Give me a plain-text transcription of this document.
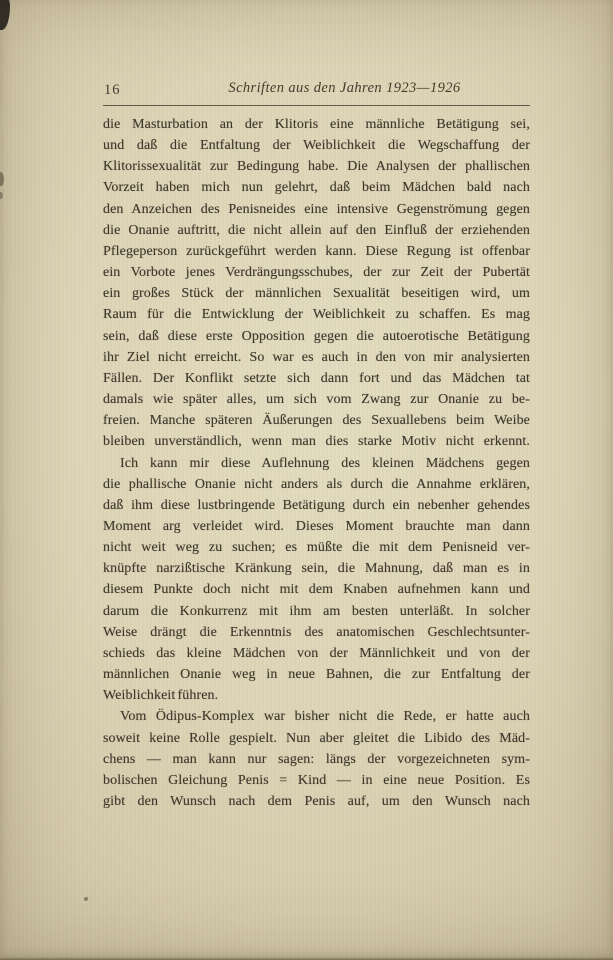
16	Schriften aus den Jahren 1923—1926
die Masturbation an der Klitoris eine männliche Betätigung sei,
und daß die Entfaltung der Weiblichkeit die Wegschaffung der
Klitorissexualität zur Bedingung habe. Die Analysen der phallischen
Vorzeit haben mich nun gelehrt, daß beim Mädchen bald nach
den Anzeichen des Penisneides eine intensive Gegenströmung gegen
die Onanie auftritt, die nicht allein auf den Einfluß der erziehenden
Pflegeperson zurückgeführt werden kann. Diese Regung ist offenbar
ein Vorbote jenes Verdrängungsschubes, der zur Zeit der Pubertät
ein großes Stück der männlichen Sexualität beseitigen wird, um
Raum für die Entwicklung der Weiblichkeit zu schaffen. Es mag
sein, daß diese erste Opposition gegen die autoerotische Betätigung
ihr Ziel nicht erreicht. So war es auch in den von mir analysierten
Fällen. Der Konflikt setzte sich dann fort und das Mädchen tat
damals wie später alles, um sich vom Zwang zur Onanie zu be-
freien. Manche späteren Äußerungen des Sexuallebens beim Weibe
bleiben unverständlich, wenn man dies starke Motiv nicht erkennt.
Ich kann mir diese Auflehnung des kleinen Mädchens gegen
die phallische Onanie nicht anders als durch die Annahme erklären,
daß ihm diese lustbringende Betätigung durch ein nebenher gehendes
Moment arg verleidet wird. Dieses Moment brauchte man dann
nicht weit weg zu suchen; es müßte die mit dem Penisneid ver-
knüpfte narzißtische Kränkung sein, die Mahnung, daß man es in
diesem Punkte doch nicht mit dem Knaben aufnehmen kann und
darum die Konkurrenz mit ihm am besten unterläßt. In solcher
Weise drängt die Erkenntnis des anatomischen Geschlechtsunter-
schieds das kleine Mädchen von der Männlichkeit und von der
männlichen Onanie weg in neue Bahnen, die zur Entfaltung der
Weiblichkeit führen.
Vom Ödipus-Komplex war bisher nicht die Rede, er hatte auch
soweit keine Rolle gespielt. Nun aber gleitet die Libido des Mäd-
chens — man kann nur sagen: längs der vorgezeichneten sym-
bolischen Gleichung Penis = Kind — in eine neue Position. Es
gibt den Wunsch nach dem Penis auf, um den Wunsch nach
